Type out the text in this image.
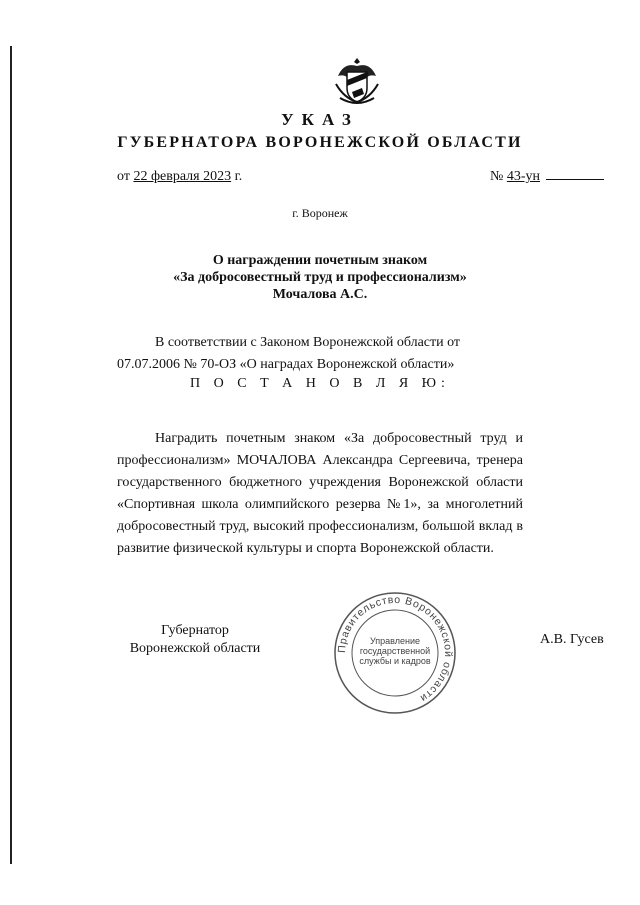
УКАЗ
ГУБЕРНАТОРА ВОРОНЕЖСКОЙ ОБЛАСТИ
от 22 февраля 2023 г.	№ 43-ун
г. Воронеж
О награждении почетным знаком
«За добросовестный труд и профессионализм»
Мочалова А.С.
В соответствии с Законом Воронежской области от 07.07.2006 № 70-ОЗ «О наградах Воронежской области»
П О С Т А Н О В Л Я Ю:
Наградить почетным знаком «За добросовестный труд и профессионализм» МОЧАЛОВА Александра Сергеевича, тренера государственного бюджетного учреждения Воронежской области «Спортивная школа олимпийского резерва №1», за многолетний добросовестный труд, высокий профессионализм, большой вклад в развитие физической культуры и спорта Воронежской области.
Губернатор
Воронежской области
А.В. Гусев
Правительство Воронежской области
Управление
государственной
службы и кадров
